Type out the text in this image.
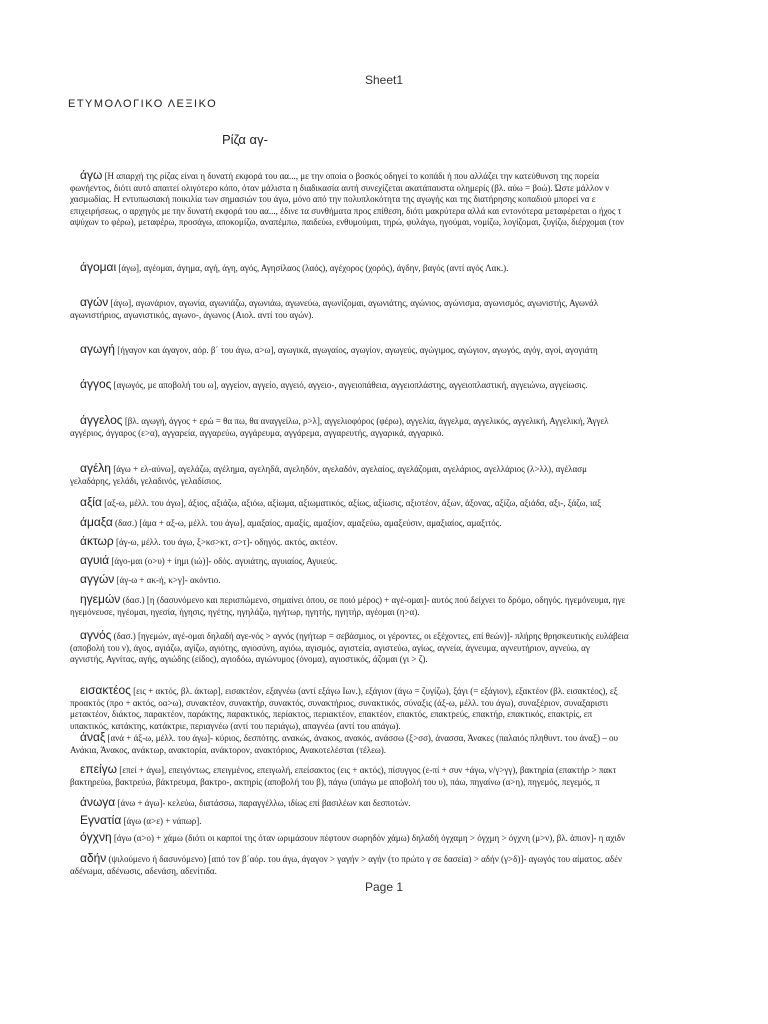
Sheet1
ΕΤΥΜΟΛΟΓΙΚΟ ΛΕΞΙΚΟ
Ρίζα αγ-
άγω [Η απαρχή της ρίζας είναι η δυνατή εκφορά του αα..., με την οποία ο βοσκός οδηγεί το κοπάδι ή που αλλάζει την κατεύθυνση της πορεία
φωνήεντος, διότι αυτό απαιτεί ολιγότερο κόπο, όταν μάλιστα η διαδικασία αυτή συνεχίζεται ακατάπαυστα ολημερίς (βλ. αύω = βοώ). Ώστε μάλλον ν
χασμωδίας. Η εντυπωσιακή ποικιλία των σημασιών του άγω, μόνο από την πολυπλοκότητα της αγωγής και της διατήρησης κοπαδιού μπορεί να ε
επιχειρήσεως, ο αρχηγός με την δυνατή εκφορά του αα..., έδινε τα συνθήματα προς επίθεση, διότι μακρύτερα αλλά και εντονότερα μεταφέρεται ο ήχος τ
αψύχων το φέρω), μεταφέρω, προσάγω, αποκομίζω, αναπέμπω, παιδεύω, ενθυμούμαι, τηρώ, φυλάγω, ηγούμαι, νομίζω, λογίζομαι, ζυγίζω, διέρχομαι (τον
άγομαι [άγω], αγέομαι, άγημα, αγή, άγη, αγός, Αγησίλαος (λαός), αγέχορος (χορός), άγδην, βαγός (αντί αγός Λακ.).
αγών [άγω], αγωνάριον, αγωνία, αγωνιάζω, αγωνιάω, αγωνεύω, αγωνίζομαι, αγωνιάτης, αγώνιος, αγώνισμα, αγωνισμός, αγωνιστής, Αγωνάλ
αγωνιστήριος, αγωνιστικός, αγωνο-, άγωνος (Αιολ. αντί του αγών).
αγωγή [ήγαγον και άγαγον, αόρ. β΄ του άγω, α>ω], αγωγικά, αγωγαίος, αγωγίον, αγωγεύς, αγώγιμος, αγώγιον, αγωγός, αγόγ, αγοί, αγογιάτη
άγγος [αγωγός, με αποβολή του ω], αγγείον, αγγείο, αγγειό, αγγειο-, αγγειοπάθεια, αγγειοπλάστης, αγγειοπλαστική, αγγειώνω, αγγείωσις.
άγγελος [βλ. αγωγή, άγγος + ερώ = θα πω, θα αναγγείλω, ρ>λ], αγγελιοφόρος (φέρω), αγγελία, άγγελμα, αγγελικός, αγγελική, Αγγελική, Άγγελ
αγγέριος, άγγαρος (ε>α), αγγαρεία, αγγαρεύω, αγγάρευμα, αγγάρεμα, αγγαρευτής, αγγαρικά, αγγαρικό.
αγέλη [άγω + ελ-αύνω], αγελάζω, αγέλημα, αγεληδά, αγεληδόν, αγελαδόν, αγελαίος, αγελάζομαι, αγελάριος, αγελλάριος (λ>λλ), αγέλασμ
γελαδάρης, γελάδι, γελαδινός, γελαδίσιος.
αξία [αξ-ω, μέλλ. του άγω], άξιος, αξιάζω, αξιόω, αξίωμα, αξιωματικός, αξίως, αξίωσις, αξιοτέον, άξων, άξονας, αξίζω, αξιάδα, αξι-, ξάζω, ιαξ
άμαξα (δασ.) [άμα + αξ-ω, μέλλ. του άγω], αμαξαίος, αμαξίς, αμαξίον, αμαξεύω, αμαξεύσιν, αμαξιαίος, αμαξιτός.
άκτωρ [άγ-ω, μέλλ. του άγω, ξ>κσ>κτ, σ>τ]- οδηγός. ακτός, ακτέον.
αγυιά [άγο-μαι (ο>υ) + ίημι (ιώ)]- οδός. αγυιάτης, αγυιαίος, Αγυιεύς.
αγγών [άγ-ω + ακ-ή, κ>γ]- ακόντιο.
ηγεμών (δασ.) [η (δασυνόμενο και περισπώμενο, σημαίνει όπου, σε ποιό μέρος) + αγέ-ομαι]- αυτός πού δείχνει το δρόμο, οδηγός. ηγεμόνευμα, ηγε
ηγεμόνευσε, ηγέομαι, ηγεσία, ήγησις, ηγέτης, ηγηλάζω, ηγήτωρ, ηγητής, ηγητήρ, αγέομαι (η>α).
αγνός (δασ.) [ηγεμών, αγέ-ομαι δηλαδή αγε-νός > αγνός (ηγήτωρ = σεβάσμιος, οι γέροντες, οι εξέχοντες, επί θεών)]- πλήρης θρησκευτικής ευλάβεια
(αποβολή του ν), άγος, αγιάζω, αγίζω, αγιότης, αγιοσύνη, αγιόω, αγισμός, αγιστεία, αγιστεύω, αγίως, αγνεία, άγνευμα, αγνευτήριον, αγνεύω, αγ
αγνιστής, Αγνίτας, αγής, αγιώδης (είδος), αγιοδόω, αγιώνυμος (όνομα), αγιοστικός, άζομαι (γι > ζ).
εισακτέος [εις + ακτός, βλ. άκτωρ], εισακτέον, εξαγνέω (αντί εξάγω Ιων.), εξάγιον (άγω = ζυγίζω), ξάγι (= εξάγιον), εξακτέον (βλ. εισακτέος), εξ
προακτός (προ + ακτός, οα>ω), συνακτέον, συνακτήρ, συνακτός, συνακτήριος, συνακτικός, σύναξις (άξ-ω, μέλλ. του άγω), συναξέριον, συναξαριστι
μετακτέον, διάκτος, παρακτέον, παράκτης, παρακτικός, περίακτος, περιακτέον, επακτέον, επακτός, επακτρεύς, επακτήρ, επακτικός, επακτρίς, επ
υπακτικός, κατάκτης, κατάκτριε, περιαγνέω (αντί του περιάγω), απαγνέω (αντί του απάγω).
άναξ [ανά + άξ-ω, μέλλ. του άγω]- κύριος, δεσπότης. ανακώς, άνακος, ανακός, ανάσσω (ξ>σσ), άνασσα, Άνακες (παλαιός πληθυντ. του άναξ) – ου
Ανάκια, Άνακος, ανάκτωρ, ανακτορία, ανάκτορον, ανακτόριος, Ανακοτελέσται (τέλεω).
επείγω [επεί + άγω], επειγόντως, επειγμένος, επειγωλή, επείσακτος (εις + ακτός), πίσυγγος (ε-πί + συν +άγω, ν/γ>γγ), βακτηρία (επακτήρ > πακτ
βακτηρεύω, βακτρεύω, βάκτρευμα, βακτρο-, ακτηρίς (αποβολή του β), πάγω (υπάγω με αποβολή του υ), πάω, πηγαίνω (α>η), πηγεμός, πεγεμός, π
άνωγα [άνω + άγω]- κελεύω, διατάσσω, παραγγέλλω, ιδίως επί βασιλέων και δεσποτών.
Εγνατία [άγω (α>ε) + νάπωρ].
όγχνη [άγω (α>ο) + χάμω (διότι οι καρποί της όταν ωριμάσουν πέφτουν σωρηδόν χάμω) δηλαδή όγχαμη > όγχμη > όγχνη (μ>ν), βλ. άπιον]- η αχιδν
αδήν (ψιλούμενο ή δασυνόμενο) [από τον β΄αόρ. του άγω, άγαγον > γαγήν > αγήν (το πρώτο γ σε δασεία) > αδήν (γ>δ)]- αγωγός του αίματος. αδέν
αδένωμα, αδένωσις, αδενάση, αδενίτιδα.
Page 1
